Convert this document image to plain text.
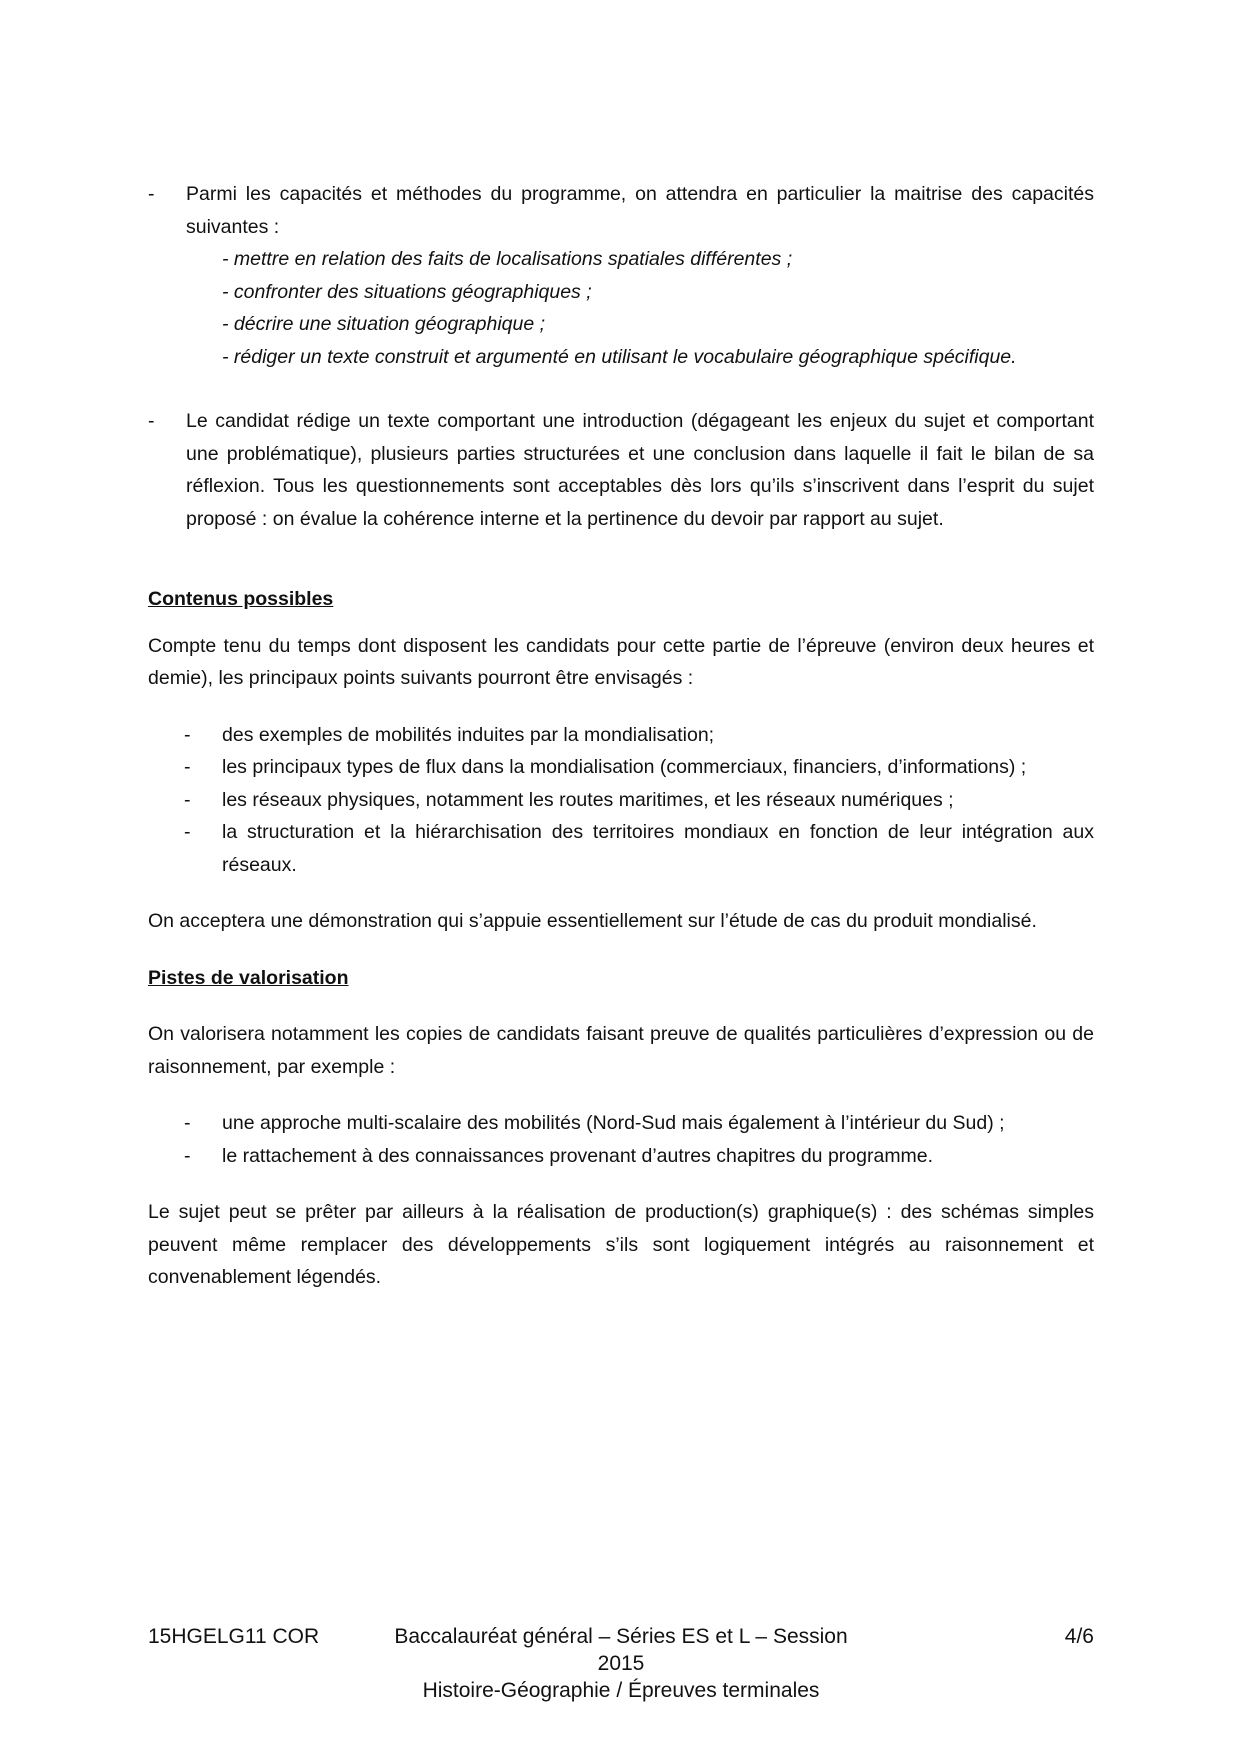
- Parmi les capacités et méthodes du programme, on attendra en particulier la maitrise des capacités suivantes :
- mettre en relation des faits de localisations spatiales différentes ;
- confronter des situations géographiques ;
- décrire une situation géographique ;
- rédiger un texte construit et argumenté en utilisant le vocabulaire géographique spécifique.
- Le candidat rédige un texte comportant une introduction (dégageant les enjeux du sujet et comportant une problématique), plusieurs parties structurées et une conclusion dans laquelle il fait le bilan de sa réflexion. Tous les questionnements sont acceptables dès lors qu’ils s’inscrivent dans l’esprit du sujet proposé : on évalue la cohérence interne et la pertinence du devoir par rapport au sujet.

Contenus possibles

Compte tenu du temps dont disposent les candidats pour cette partie de l’épreuve (environ deux heures et demie), les principaux points suivants pourront être envisagés :

- des exemples de mobilités induites par la mondialisation;
- les principaux types de flux dans la mondialisation (commerciaux, financiers, d’informations) ;
- les réseaux physiques, notamment les routes maritimes, et les réseaux numériques ;
- la structuration et la hiérarchisation des territoires mondiaux en fonction de leur intégration aux réseaux.

On acceptera une démonstration qui s’appuie essentiellement sur l’étude de cas du produit mondialisé.

Pistes de valorisation

On valorisera notamment les copies de candidats faisant preuve de qualités particulières d’expression ou de raisonnement, par exemple :

- une approche multi-scalaire des mobilités (Nord-Sud mais également à l’intérieur du Sud) ;
- le rattachement à des connaissances provenant d’autres chapitres du programme.

Le sujet peut se prêter par ailleurs à la réalisation de production(s) graphique(s) : des schémas simples peuvent même remplacer des développements s’ils sont logiquement intégrés au raisonnement et convenablement légendés.

15HGELG11 COR	Baccalauréat général – Séries ES et L – Session 2015
Histoire-Géographie / Épreuves terminales
4/6
